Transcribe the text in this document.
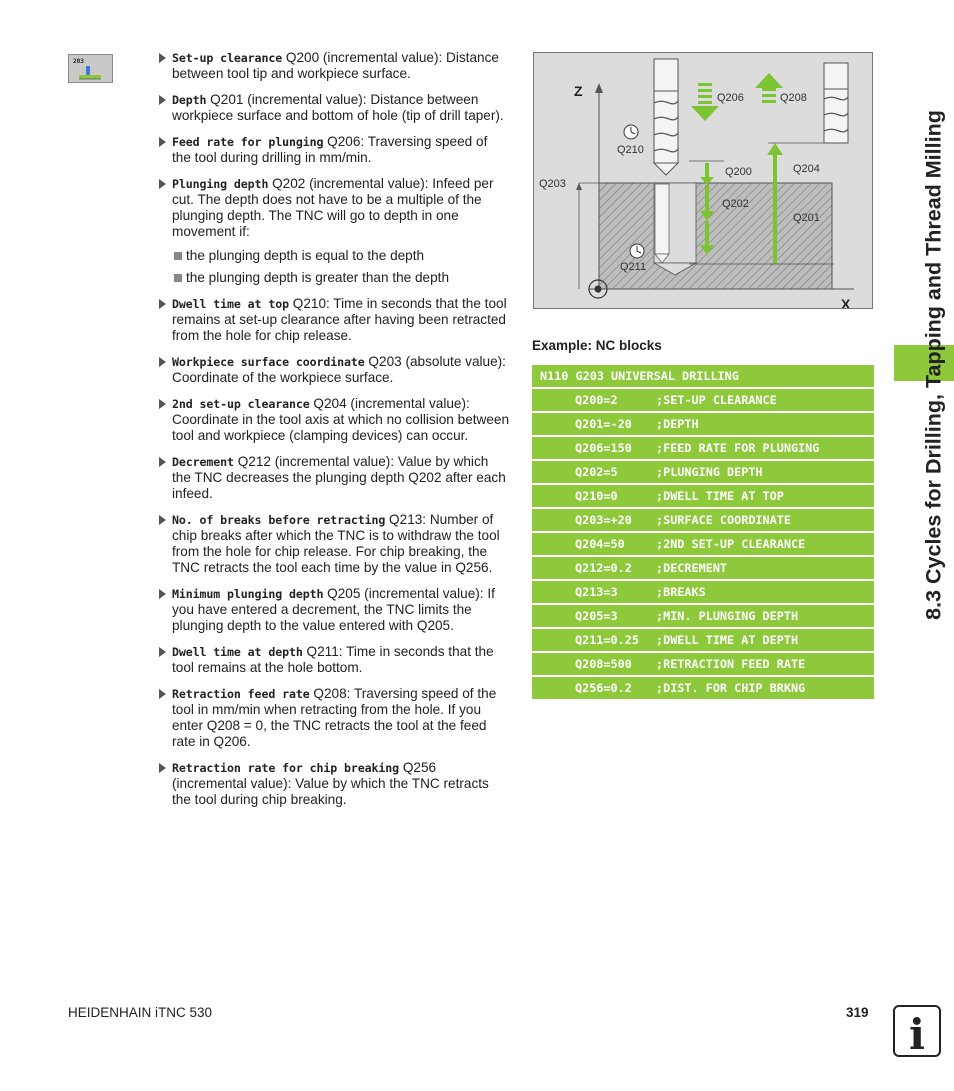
203	Set-up clearance Q200 (incremental value): Distance between tool tip and workpiece surface.
Depth Q201 (incremental value): Distance between workpiece surface and bottom of hole (tip of drill taper).
Feed rate for plunging Q206: Traversing speed of the tool during drilling in mm/min.
Plunging depth Q202 (incremental value): Infeed per cut. The depth does not have to be a multiple of the plunging depth. The TNC will go to depth in one movement if:
the plunging depth is equal to the depth
the plunging depth is greater than the depth
Dwell time at top Q210: Time in seconds that the tool remains at set-up clearance after having been retracted from the hole for chip release.
Workpiece surface coordinate Q203 (absolute value): Coordinate of the workpiece surface.
2nd set-up clearance Q204 (incremental value): Coordinate in the tool axis at which no collision between tool and workpiece (clamping devices) can occur.
Decrement Q212 (incremental value): Value by which the TNC decreases the plunging depth Q202 after each infeed.
No. of breaks before retracting Q213: Number of chip breaks after which the TNC is to withdraw the tool from the hole for chip release. For chip breaking, the TNC retracts the tool each time by the value in Q256.
Minimum plunging depth Q205 (incremental value): If you have entered a decrement, the TNC limits the plunging depth to the value entered with Q205.
Dwell time at depth Q211: Time in seconds that the tool remains at the hole bottom.
Retraction feed rate Q208: Traversing speed of the tool in mm/min when retracting from the hole. If you enter Q208 = 0, the TNC retracts the tool at the feed rate in Q206.
Retraction rate for chip breaking Q256 (incremental value): Value by which the TNC retracts the tool during chip breaking.
Z
X
Q203
Q206	Q208
Q210
Q211
Q200
Q202
Q204
Q201
Example: NC blocks
N110 G203 UNIVERSAL DRILLING
Q200=2	;SET-UP CLEARANCE
Q201=-20 ;DEPTH
Q206=150 ;FEED RATE FOR PLUNGING
Q202=5	;PLUNGING DEPTH
Q210=0	;DWELL TIME AT TOP
Q203=+20 ;SURFACE COORDINATE
Q204=50	;2ND SET-UP CLEARANCE
Q212=0.2 ;DECREMENT
Q213=3	;BREAKS
Q205=3	;MIN. PLUNGING DEPTH
Q211=0.25 ;DWELL TIME AT DEPTH
Q208=500 ;RETRACTION FEED RATE
Q256=0.2 ;DIST. FOR CHIP BRKNG
8.3 Cycles for Drilling, Tapping and Thread Milling
HEIDENHAIN iTNC 530	319 i
